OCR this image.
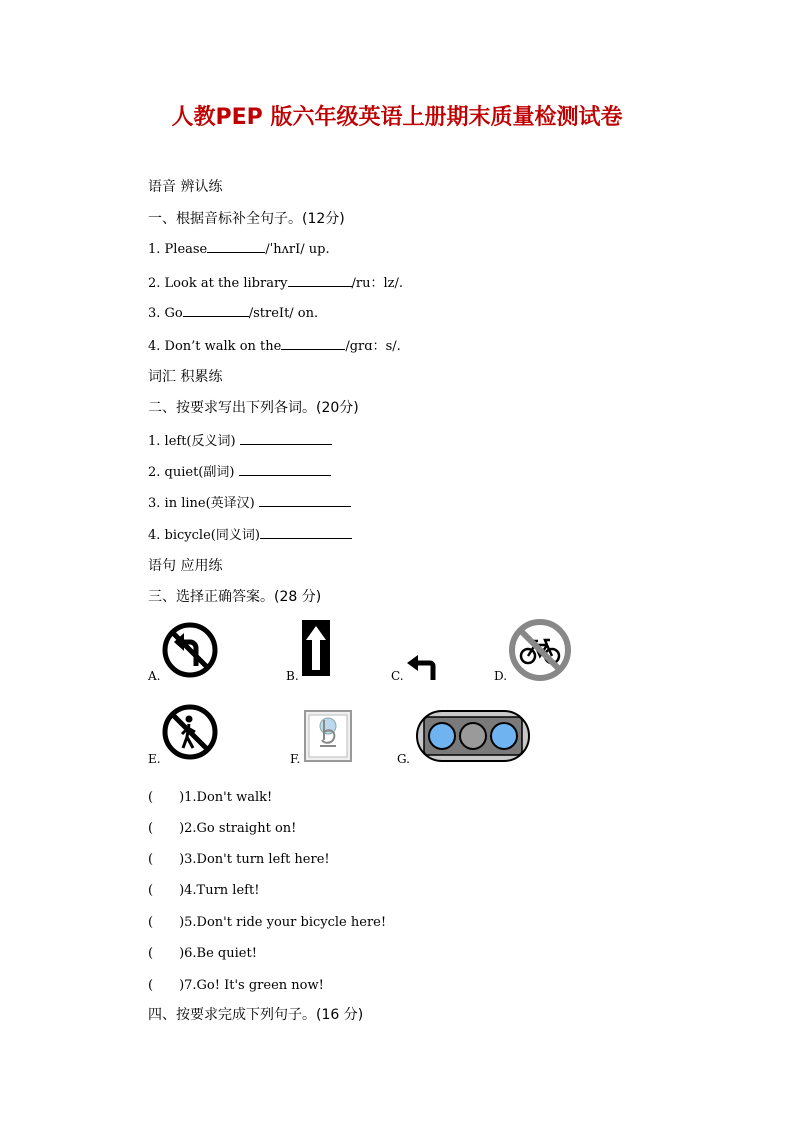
人教PEP 版六年级英语上册期末质量检测试卷
语音 辨认练
一、根据音标补全句子。(12分)
1. Please	/ˈhʌrI/ up.
2. Look at the library	/ru：lz/.
3. Go	/streIt/ on.
4. Don’t walk on the	/grɑ：s/.
词汇 积累练
二、按要求写出下列各词。(20分)
1. left(反义词)
2. quiet(副词)
3. in line(英译汉)
4. bicycle(同义词)
语句 应用练
三、选择正确答案。(28 分)
A.	B.	C.	D.
E.	F.	G.
(　　)1.Don't walk!
(　　)2.Go straight on!
(　　)3.Don't turn left here!
(　　)4.Turn left!
(　　)5.Don't ride your bicycle here!
(　　)6.Be quiet!
(　　)7.Go! It's green now!
四、按要求完成下列句子。(16 分)
